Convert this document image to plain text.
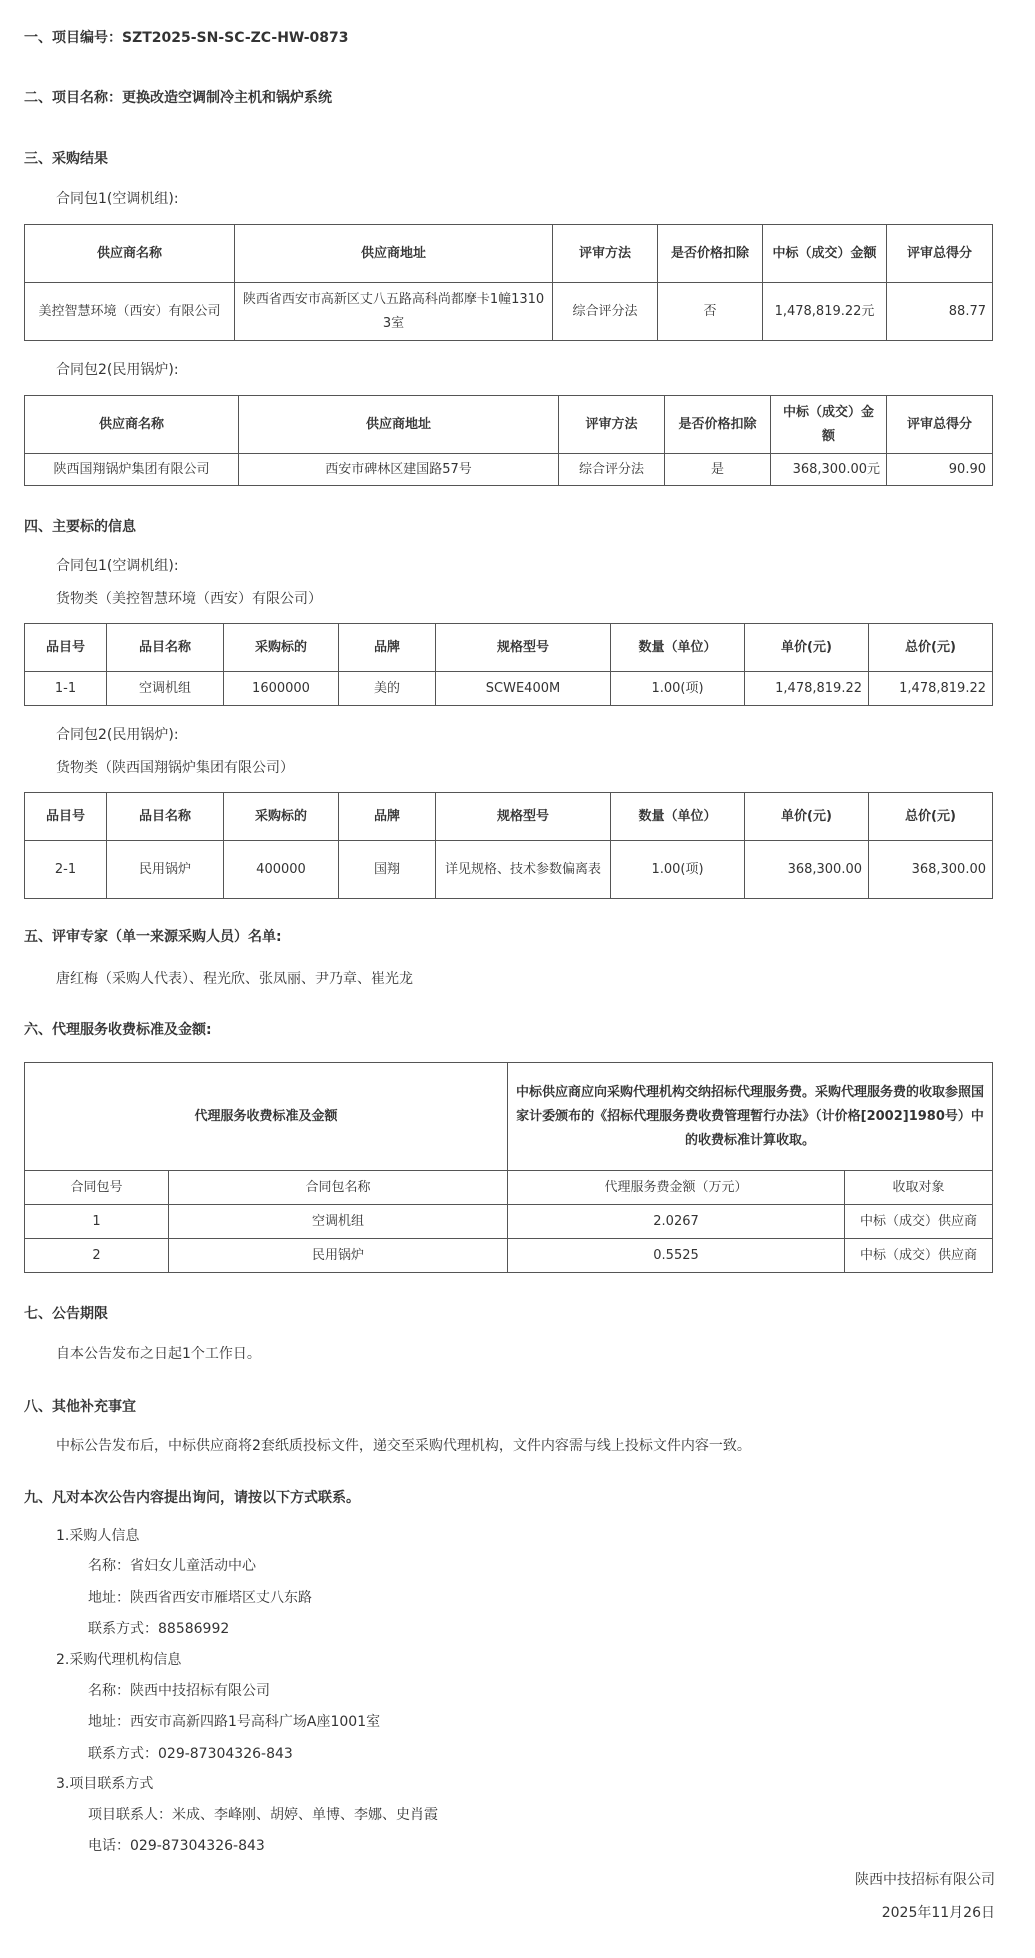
一、项目编号：SZT2025-SN-SC-ZC-HW-0873
二、项目名称：更换改造空调制冷主机和锅炉系统
三、采购结果
合同包1(空调机组):
供应商名称	供应商地址	评审方法	是否价格扣除	中标（成交）金额	评审总得分
美控智慧环境（西安）有限公司	陕西省西安市高新区丈八五路高科尚都摩卡1幢13103室	综合评分法	否	1,478,819.22元	88.77
合同包2(民用锅炉):
供应商名称	供应商地址	评审方法	是否价格扣除	中标（成交）金额	评审总得分
陕西国翔锅炉集团有限公司	西安市碑林区建国路57号	综合评分法	是	368,300.00元	90.90
四、主要标的信息
合同包1(空调机组):
货物类（美控智慧环境（西安）有限公司）
品目号	品目名称	采购标的	品牌	规格型号	数量（单位）	单价(元)	总价(元)
1-1	空调机组	1600000	美的	SCWE400M	1.00(项)	1,478,819.22	1,478,819.22
合同包2(民用锅炉):
货物类（陕西国翔锅炉集团有限公司）
品目号	品目名称	采购标的	品牌	规格型号	数量（单位）	单价(元)	总价(元)
2-1	民用锅炉	400000	国翔	详见规格、技术参数偏离表	1.00(项)	368,300.00	368,300.00
五、评审专家（单一来源采购人员）名单:
唐红梅（采购人代表）、程光欣、张凤丽、尹乃章、崔光龙
六、代理服务收费标准及金额:
代理服务收费标准及金额		中标供应商应向采购代理机构交纳招标代理服务费。采购代理服务费的收取参照国家计委颁布的《招标代理服务费收费管理暂行办法》（计价格[2002]1980号）中的收费标准计算收取。	
合同包号	合同包名称	代理服务费金额（万元）	收取对象
1	空调机组	2.0267	中标（成交）供应商
2	民用锅炉	0.5525	中标（成交）供应商
七、公告期限
自本公告发布之日起1个工作日。
八、其他补充事宜
中标公告发布后，中标供应商将2套纸质投标文件，递交至采购代理机构，文件内容需与线上投标文件内容一致。
九、凡对本次公告内容提出询问，请按以下方式联系。
1.采购人信息
名称：省妇女儿童活动中心
地址：陕西省西安市雁塔区丈八东路
联系方式：88586992
2.采购代理机构信息
名称：陕西中技招标有限公司
地址：西安市高新四路1号高科广场A座1001室
联系方式：029-87304326-843
3.项目联系方式
项目联系人：米成、李峰刚、胡婷、单博、李娜、史肖霞
电话：029-87304326-843
陕西中技招标有限公司
2025年11月26日
